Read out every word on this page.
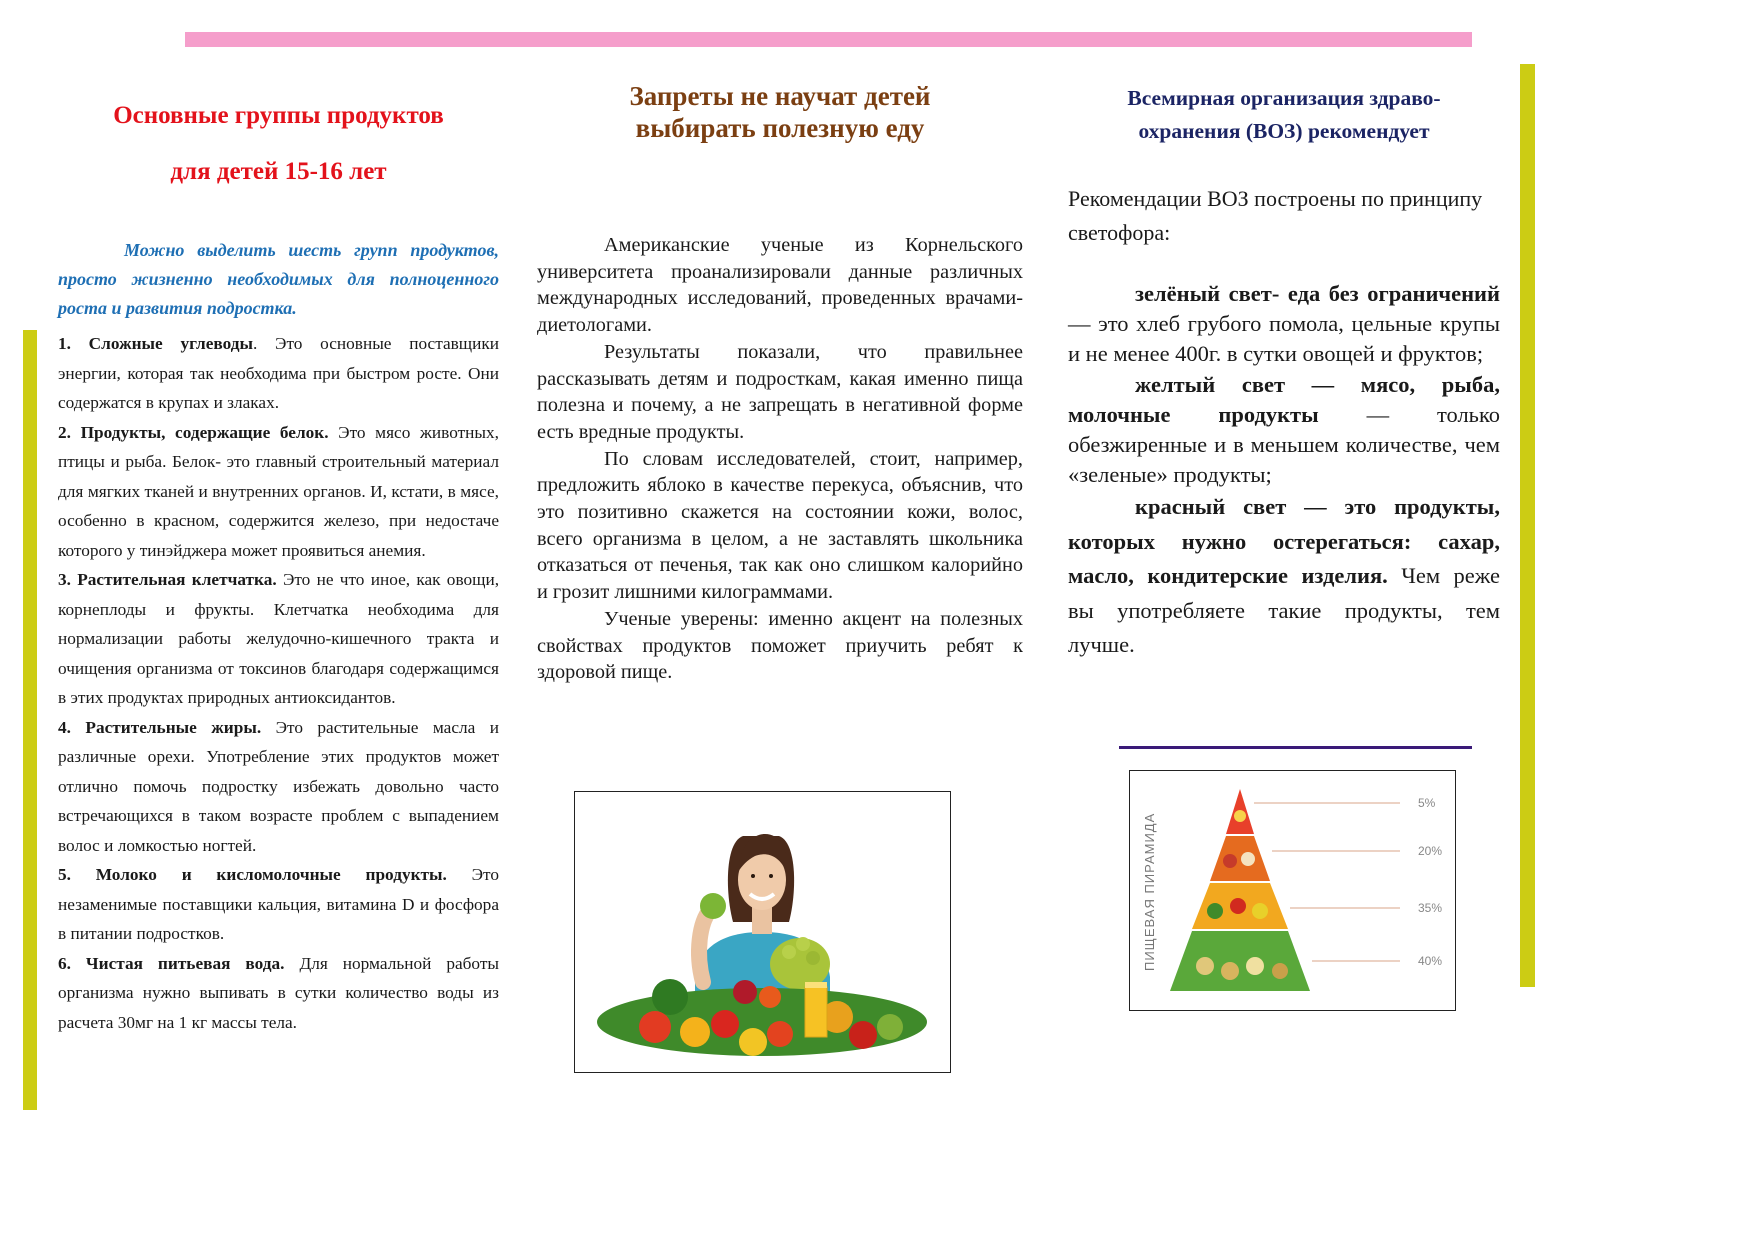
Основные группы продуктов
для детей 15-16 лет

Можно выделить шесть групп продуктов, просто жизненно необходимых для полноценного роста и развития подростка.

1. Сложные углеводы. Это основные поставщики энергии, которая так необходима при быстром росте. Они содержатся в крупах и злаках.

2. Продукты, содержащие белок. Это мясо животных, птицы и рыба. Белок- это главный строительный материал для мягких тканей и внутренних органов. И, кстати, в мясе, особенно в красном, содержится железо, при недостаче которого у тинэйджера может проявиться анемия.

3. Растительная клетчатка. Это не что иное, как овощи, корнеплоды и фрукты. Клетчатка необходима для нормализации работы желудочно-кишечного тракта и очищения организма от токсинов благодаря содержащимся в этих продуктах природных антиоксидантов.

4. Растительные жиры. Это растительные масла и различные орехи. Употребление этих продуктов может отлично помочь подростку избежать довольно часто встречающихся в таком возрасте проблем с выпадением волос и ломкостью ногтей.

5. Молоко и кисломолочные продукты. Это незаменимые поставщики кальция, витамина D и фосфора в питании подростков.

6. Чистая питьевая вода. Для нормальной работы организма нужно выпивать в сутки количество воды из расчета 30мг на 1 кг массы тела.

Запреты не научат детей
выбирать полезную еду

Американские ученые из Корнельского университета проанализировали данные различных международных исследований, проведенных врачами-диетологами.

Результаты показали, что правильнее рассказывать детям и подросткам, какая именно пища полезна и почему, а не запрещать в негативной форме есть вредные продукты.

По словам исследователей, стоит, например, предложить яблоко в качестве перекуса, объяснив, что это позитивно скажется на состоянии кожи, волос, всего организма в целом, а не заставлять школьника отказаться от печенья, так как оно слишком калорийно и грозит лишними килограммами.

Ученые уверены: именно акцент на полезных свойствах продуктов поможет приучить ребят к здоровой пище.

Всемирная организация здраво-
охранения (ВОЗ) рекомендует

Рекомендации ВОЗ построены по принципу светофора:

зелёный свет- еда без ограничений — это хлеб грубого помола, цельные крупы и не менее 400г. в сутки овощей и фруктов;

желтый свет — мясо, рыба, молочные продукты — только обезжиренные и в меньшем количестве, чем «зеленые» продукты;

красный свет — это продукты, которых нужно остерегаться: сахар, масло, кондитерские изделия. Чем реже вы употребляете такие продукты, тем лучше.

ПИЩЕВАЯ ПИРАМИДА
5%
20%
35%
40%
